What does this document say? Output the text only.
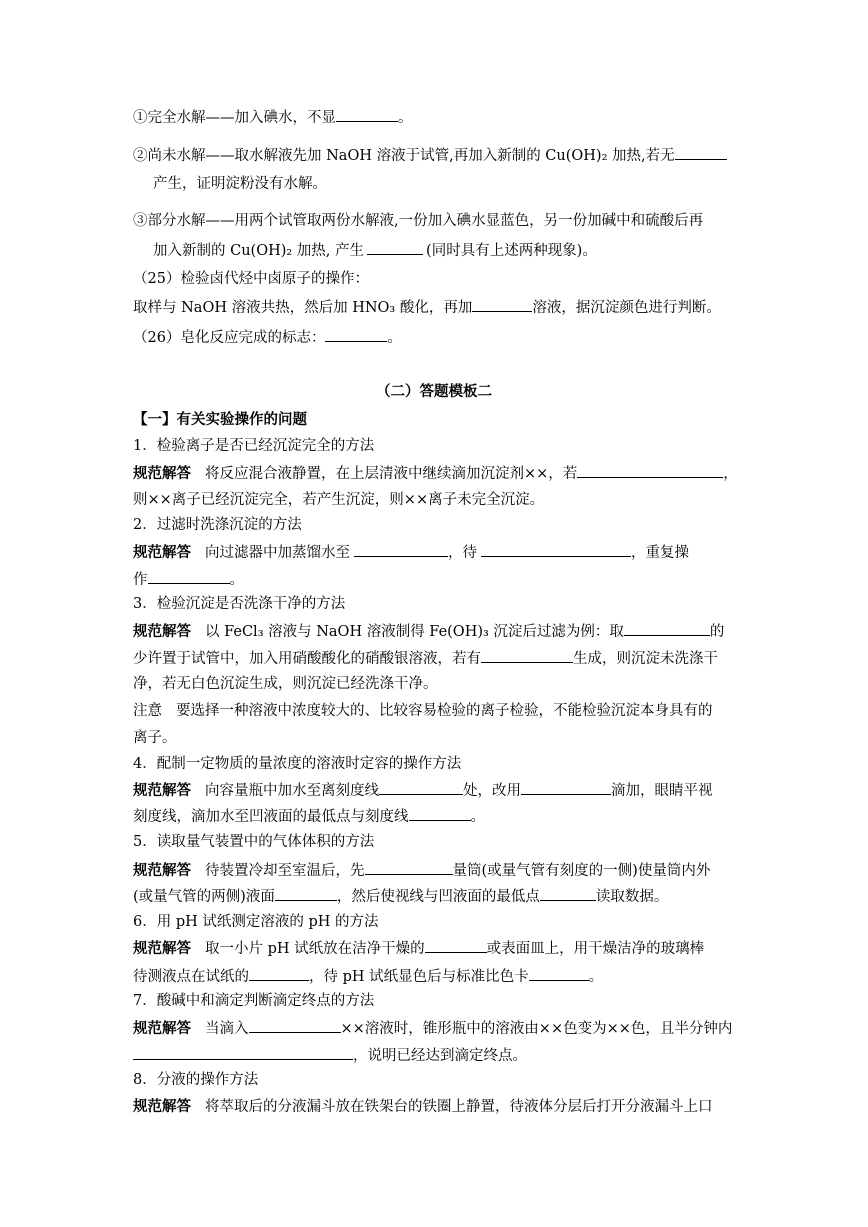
①完全水解——加入碘水，不显	。
②尚未水解——取水解液先加 NaOH 溶液于试管,再加入新制的 Cu(OH)₂ 加热,若无
产生，证明淀粉没有水解。
③部分水解——用两个试管取两份水解液,一份加入碘水显蓝色，另一份加碱中和硫酸后再
加入新制的 Cu(OH)₂ 加热, 产生	(同时具有上述两种现象)。
（25）检验卤代烃中卤原子的操作：
取样与 NaOH 溶液共热，然后加 HNO₃ 酸化，再加	溶液，据沉淀颜色进行判断。
（26）皂化反应完成的标志：	。
（二）答题模板二
【一】有关实验操作的问题
1．检验离子是否已经沉淀完全的方法
规范解答 将反应混合液静置，在上层清液中继续滴加沉淀剂××，若	，
则××离子已经沉淀完全，若产生沉淀，则××离子未完全沉淀。
2．过滤时洗涤沉淀的方法
规范解答 向过滤器中加蒸馏水至	，待	，重复操
作	。
3．检验沉淀是否洗涤干净的方法
规范解答 以 FeCl₃ 溶液与 NaOH 溶液制得 Fe(OH)₃ 沉淀后过滤为例：取	的
少许置于试管中，加入用硝酸酸化的硝酸银溶液，若有	生成，则沉淀未洗涤干
净，若无白色沉淀生成，则沉淀已经洗涤干净。
注意 要选择一种溶液中浓度较大的、比较容易检验的离子检验，不能检验沉淀本身具有的
离子。
4．配制一定物质的量浓度的溶液时定容的操作方法
规范解答 向容量瓶中加水至离刻度线	处，改用	滴加，眼睛平视
刻度线，滴加水至凹液面的最低点与刻度线	。
5．读取量气装置中的气体体积的方法
规范解答 待装置冷却至室温后，先	量筒(或量气管有刻度的一侧)使量筒内外
(或量气管的两侧)液面	，然后使视线与凹液面的最低点	读取数据。
6．用 pH 试纸测定溶液的 pH 的方法
规范解答 取一小片 pH 试纸放在洁净干燥的	或表面皿上，用干燥洁净的玻璃棒
待测液点在试纸的	，待 pH 试纸显色后与标准比色卡	。
7．酸碱中和滴定判断滴定终点的方法
规范解答 当滴入	××溶液时，锥形瓶中的溶液由××色变为××色，且半分钟内
，说明已经达到滴定终点。
8．分液的操作方法
规范解答 将萃取后的分液漏斗放在铁架台的铁圈上静置，待液体分层后打开分液漏斗上口
